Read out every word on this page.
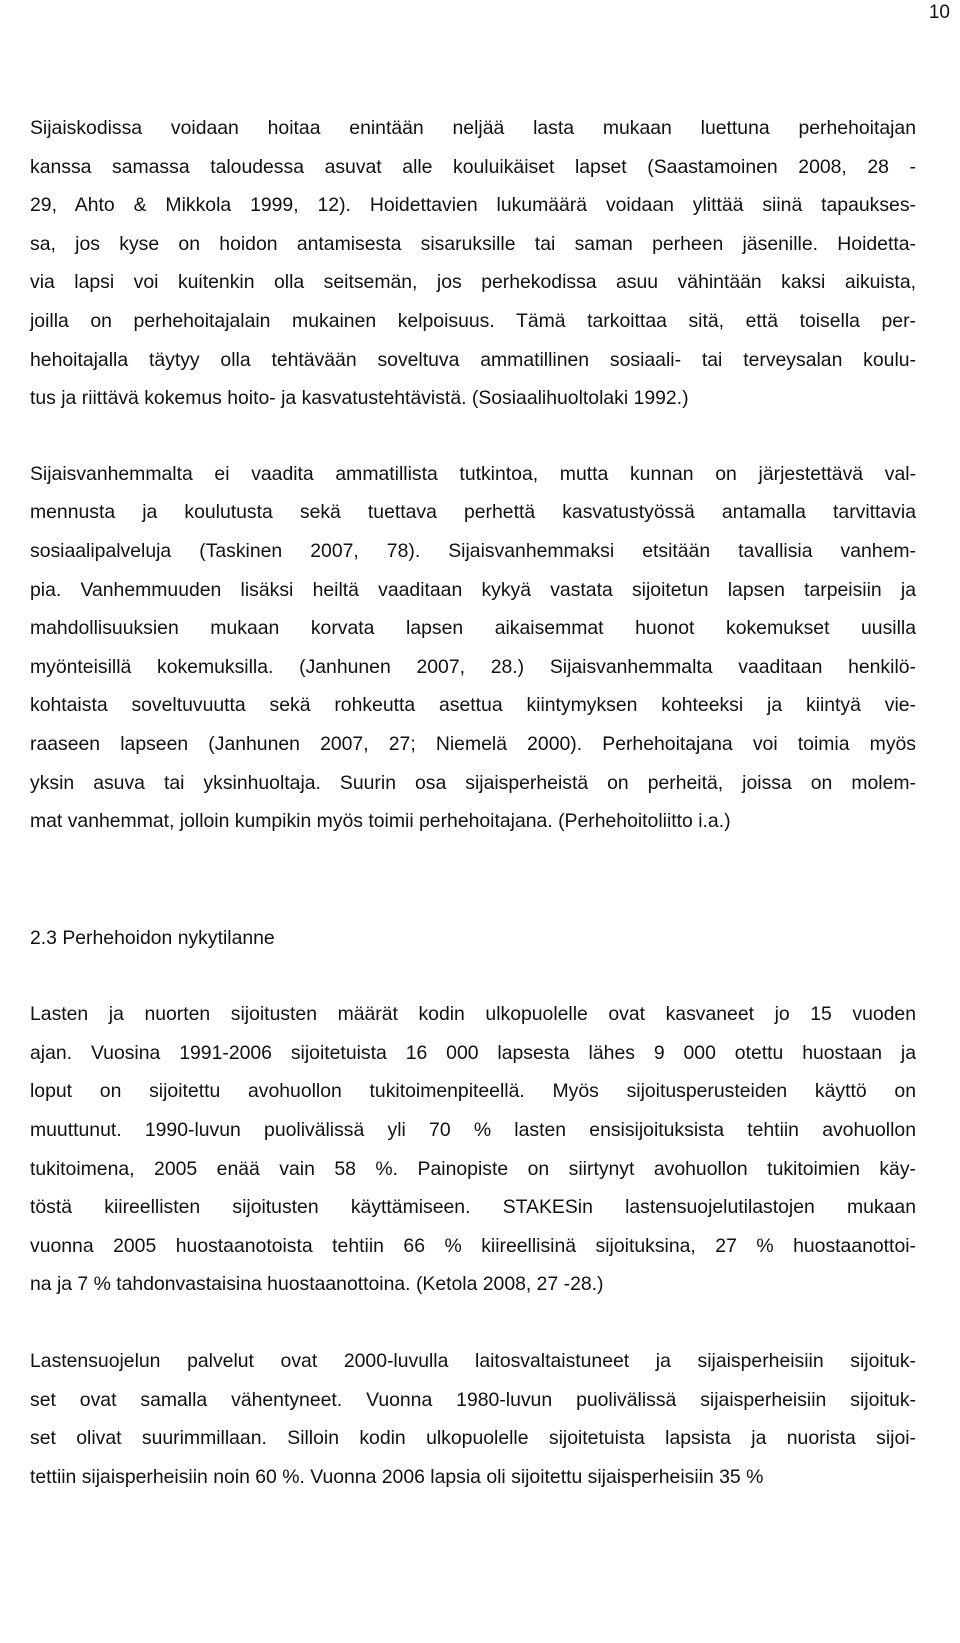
10

Sijaiskodissa voidaan hoitaa enintään neljää lasta mukaan luettuna perhehoitajan
kanssa samassa taloudessa asuvat alle kouluikäiset lapset (Saastamoinen 2008, 28 -
29, Ahto & Mikkola 1999, 12). Hoidettavien lukumäärä voidaan ylittää siinä tapaukses-
sa, jos kyse on hoidon antamisesta sisaruksille tai saman perheen jäsenille. Hoidetta-
via lapsi voi kuitenkin olla seitsemän, jos perhekodissa asuu vähintään kaksi aikuista,
joilla on perhehoitajalain mukainen kelpoisuus. Tämä tarkoittaa sitä, että toisella per-
hehoitajalla täytyy olla tehtävään soveltuva ammatillinen sosiaali- tai terveysalan koulu-
tus ja riittävä kokemus hoito- ja kasvatustehtävistä. (Sosiaalihuoltolaki 1992.)

Sijaisvanhemmalta ei vaadita ammatillista tutkintoa, mutta kunnan on järjestettävä val-
mennusta ja koulutusta sekä tuettava perhettä kasvatustyössä antamalla tarvittavia
sosiaalipalveluja (Taskinen 2007, 78). Sijaisvanhemmaksi etsitään tavallisia vanhem-
pia. Vanhemmuuden lisäksi heiltä vaaditaan kykyä vastata sijoitetun lapsen tarpeisiin ja
mahdollisuuksien mukaan korvata lapsen aikaisemmat huonot kokemukset uusilla
myönteisillä kokemuksilla. (Janhunen 2007, 28.) Sijaisvanhemmalta vaaditaan henkilö-
kohtaista soveltuvuutta sekä rohkeutta asettua kiintymyksen kohteeksi ja kiintyä vie-
raaseen lapseen (Janhunen 2007, 27; Niemelä 2000). Perhehoitajana voi toimia myös
yksin asuva tai yksinhuoltaja. Suurin osa sijaisperheistä on perheitä, joissa on molem-
mat vanhemmat, jolloin kumpikin myös toimii perhehoitajana. (Perhehoitoliitto i.a.)

2.3 Perhehoidon nykytilanne

Lasten ja nuorten sijoitusten määrät kodin ulkopuolelle ovat kasvaneet jo 15 vuoden
ajan. Vuosina 1991-2006 sijoitetuista 16 000 lapsesta lähes 9 000 otettu huostaan ja
loput on sijoitettu avohuollon tukitoimenpiteellä. Myös sijoitusperusteiden käyttö on
muuttunut. 1990-luvun puolivälissä yli 70 % lasten ensisijoituksista tehtiin avohuollon
tukitoimena, 2005 enää vain 58 %. Painopiste on siirtynyt avohuollon tukitoimien käy-
töstä kiireellisten sijoitusten käyttämiseen. STAKESin lastensuojelutilastojen mukaan
vuonna 2005 huostaanotoista tehtiin 66 % kiireellisinä sijoituksina, 27 % huostaanottoi-
na ja 7 % tahdonvastaisina huostaanottoina. (Ketola 2008, 27 -28.)

Lastensuojelun palvelut ovat 2000-luvulla laitosvaltaistuneet ja sijaisperheisiin sijoituk-
set ovat samalla vähentyneet. Vuonna 1980-luvun puolivälissä sijaisperheisiin sijoituk-
set olivat suurimmillaan. Silloin kodin ulkopuolelle sijoitetuista lapsista ja nuorista sijoi-
tettiin sijaisperheisiin noin 60 %. Vuonna 2006 lapsia oli sijoitettu sijaisperheisiin 35 %
